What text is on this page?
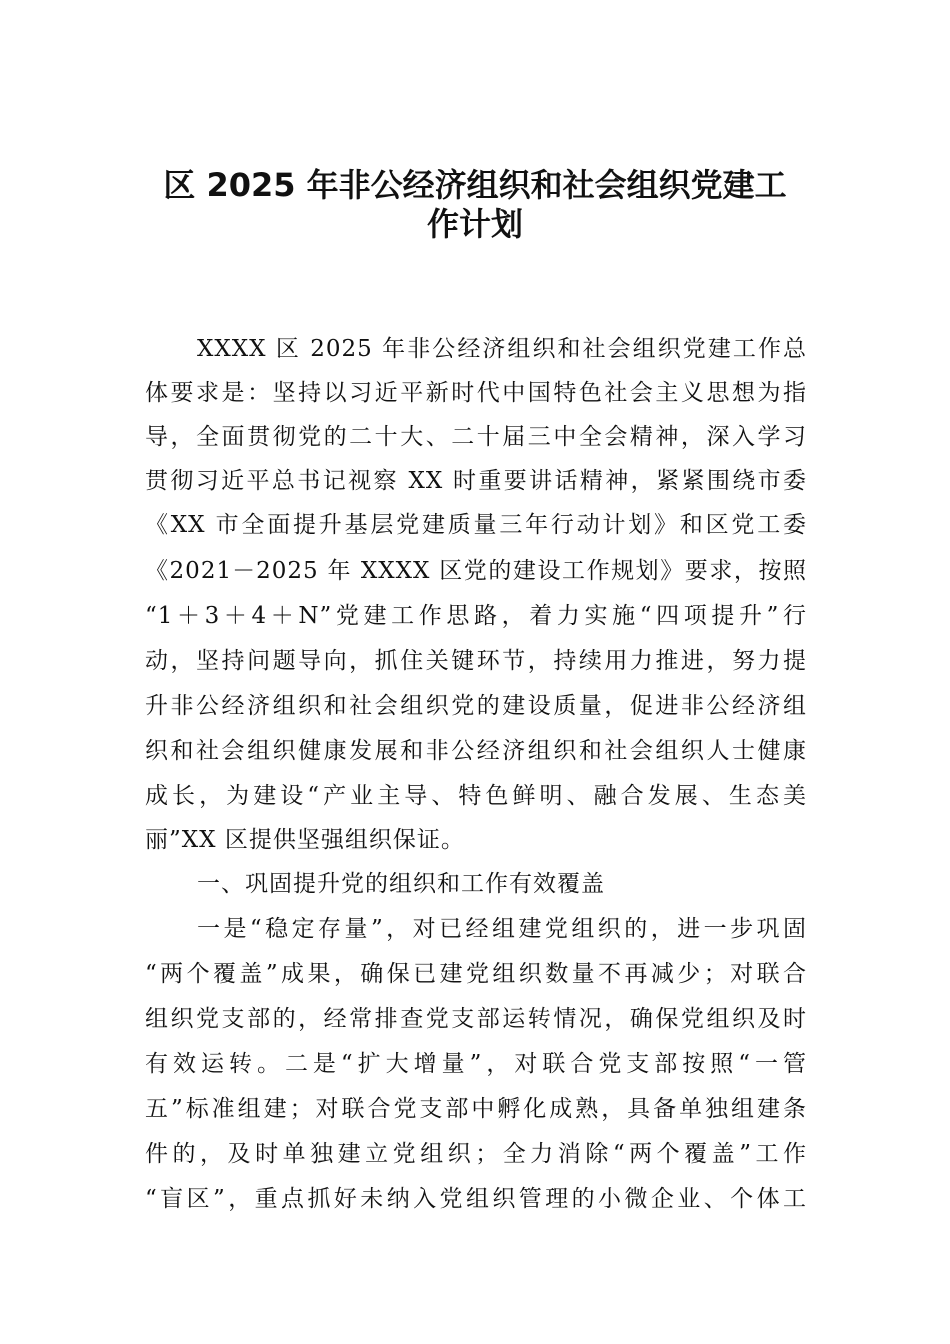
区 2025 年非公经济组织和社会组织党建工
作计划
XXXX 区 2025 年非公经济组织和社会组织党建工作总
体要求是：坚持以习近平新时代中国特色社会主义思想为指
导，全面贯彻党的二十大、二十届三中全会精神，深入学习
贯彻习近平总书记视察 XX 时重要讲话精神，紧紧围绕市委
《XX 市全面提升基层党建质量三年行动计划》和区党工委
《2021－2025 年 XXXX 区党的建设工作规划》要求，按照
“1＋3＋4＋N”党建工作思路，着力实施“四项提升”行
动，坚持问题导向，抓住关键环节，持续用力推进，努力提
升非公经济组织和社会组织党的建设质量，促进非公经济组
织和社会组织健康发展和非公经济组织和社会组织人士健康
成长，为建设“产业主导、特色鲜明、融合发展、生态美
丽”XX 区提供坚强组织保证。
一、巩固提升党的组织和工作有效覆盖
一是“稳定存量”，对已经组建党组织的，进一步巩固
“两个覆盖”成果，确保已建党组织数量不再减少；对联合
组织党支部的，经常排查党支部运转情况，确保党组织及时
有效运转。二是“扩大增量”，对联合党支部按照“一管
五”标准组建；对联合党支部中孵化成熟，具备单独组建条
件的，及时单独建立党组织；全力消除“两个覆盖”工作
“盲区”，重点抓好未纳入党组织管理的小微企业、个体工
